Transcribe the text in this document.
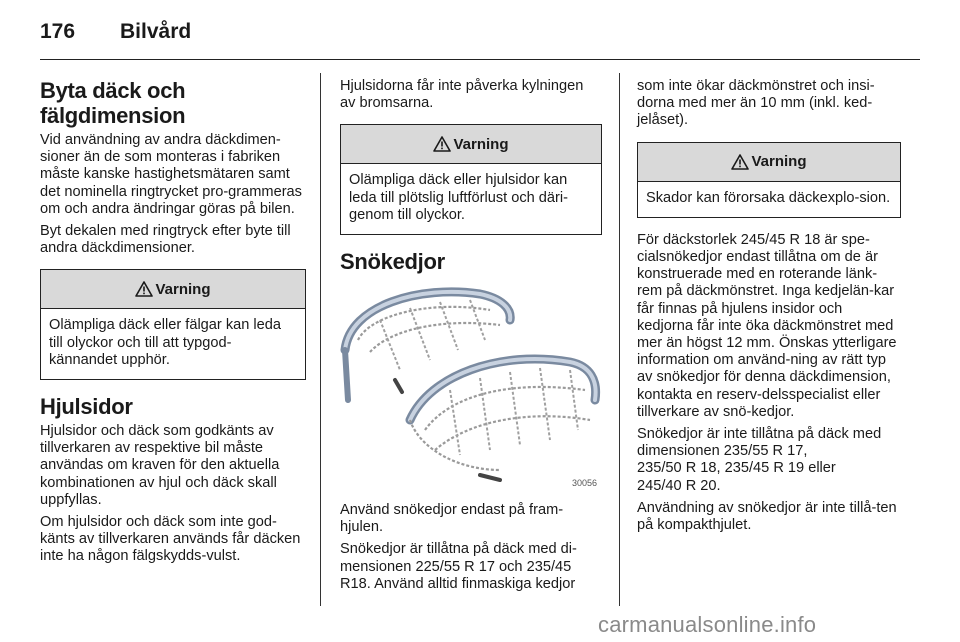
176 Bilvård
Byta däck och fälgdimension

Vid användning av andra däckdimen-sioner än de som monteras i fabriken måste kanske hastighetsmätaren samt det nominella ringtrycket pro-grammeras om och andra ändringar göras på bilen.

Byt dekalen med ringtryck efter byte till andra däckdimensioner.

Varning
Olämpliga däck eller fälgar kan leda till olyckor och till att typgod-kännandet upphör.
Hjulsidor

Hjulsidor och däck som godkänts av tillverkaren av respektive bil måste användas om kraven för den aktuella kombinationen av hjul och däck skall uppfyllas.

Om hjulsidor och däck som inte god-känts av tillverkaren används får däcken inte ha någon fälgskydds-vulst.

Hjulsidorna får inte påverka kylningen av bromsarna.

Varning
Olämpliga däck eller hjulsidor kan leda till plötslig luftförlust och däri-genom till olyckor.
Snökedjor
30056

Använd snökedjor endast på fram-hjulen.

Snökedjor är tillåtna på däck med di-mensionen 225/55 R 17 och 235/45 R18. Använd alltid finmaskiga kedjor

som inte ökar däckmönstret och insi-dorna med mer än 10 mm (inkl. ked-jelåset).

Varning
Skador kan förorsaka däckexplo-sion.

För däckstorlek 245/45 R 18 är spe-cialsnökedjor endast tillåtna om de är konstruerade med en roterande länk-rem på däckmönstret. Inga kedjelän-kar får finnas på hjulens insidor och kedjorna får inte öka däckmönstret med mer än högst 12 mm. Önskas ytterligare information om använd-ning av rätt typ av snökedjor för denna däckdimension, kontakta en reserv-delsspecialist eller tillverkare av snö-kedjor.

Snökedjor är inte tillåtna på däck med dimensionen 235/55 R 17,
235/50 R 18, 235/45 R 19 eller
245/40 R 20.

Användning av snökedjor är inte tillå-ten på kompakthjulet.

carmanualsonline.info
